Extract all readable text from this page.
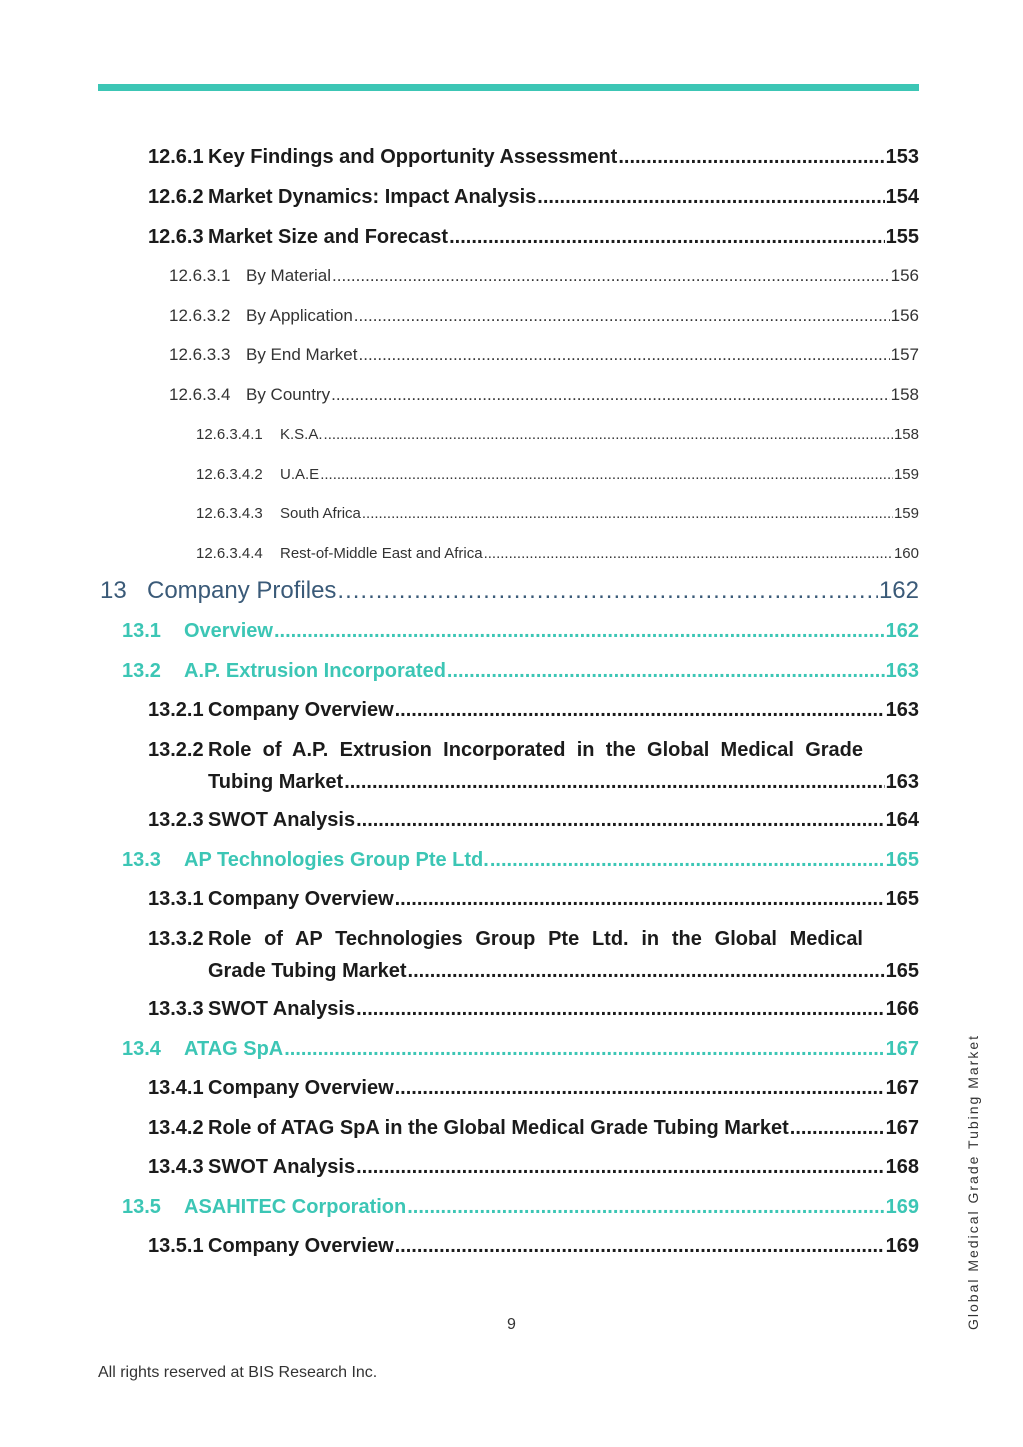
12.6.1 Key Findings and Opportunity Assessment .....	153
12.6.2 Market Dynamics: Impact Analysis .....	154
12.6.3 Market Size and Forecast .....	155
12.6.3.1 By Material .....	156
12.6.3.2 By Application .....	156
12.6.3.3 By End Market .....	157
12.6.3.4 By Country .....	158
12.6.3.4.1	K.S.A. .....	158
12.6.3.4.2	U.A.E .....	159
12.6.3.4.3	South Africa .....	159
12.6.3.4.4	Rest-of-Middle East and Africa .....	160
13 Company Profiles .....	162
13.1	Overview .....	162
13.2	A.P. Extrusion Incorporated .....	163
13.2.1 Company Overview .....	163
13.2.2 Role of A.P. Extrusion Incorporated in the Global Medical Grade
Tubing Market .....	163
13.2.3 SWOT Analysis .....	164
13.3	AP Technologies Group Pte Ltd. .....	165
13.3.1 Company Overview .....	165
13.3.2 Role of AP Technologies Group Pte Ltd. in the Global Medical
Grade Tubing Market .....	165
13.3.3 SWOT Analysis .....	166
13.4	ATAG SpA .....	167
13.4.1 Company Overview .....	167
13.4.2 Role of ATAG SpA in the Global Medical Grade Tubing Market .....	167
13.4.3 SWOT Analysis .....	168
13.5	ASAHITEC Corporation .....	169
13.5.1 Company Overview .....	169
9
All rights reserved at BIS Research Inc.
Global Medical Grade Tubing Market
